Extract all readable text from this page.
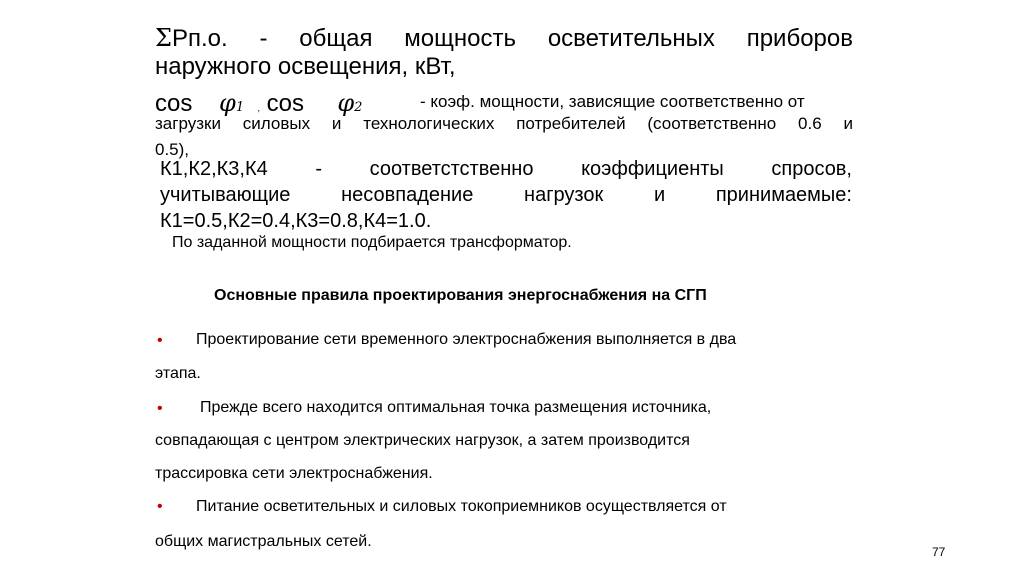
ΣРп.о. - общая мощность осветительных приборов
наружного освещения, кВт,
cos φ1 , cos φ2	- коэф. мощности, зависящие соответственно от
загрузки силовых и технологических потребителей (соответственно 0.6 и
0.5),
К1,К2,К3,К4 - соответстственно коэффициенты спросов,
учитывающие несовпадение нагрузок и принимаемые:
К1=0.5,К2=0.4,К3=0.8,К4=1.0.
По заданной мощности подбирается трансформатор.
Основные правила проектирования энергоснабжения на СГП
• Проектирование сети временного электроснабжения выполняется в два
этапа.
• Прежде всего находится оптимальная точка размещения источника,
совпадающая с центром электрических нагрузок, а затем производится
трассировка сети электроснабжения.
• Питание осветительных и силовых токоприемников осуществляется от
общих магистральных сетей.
77
